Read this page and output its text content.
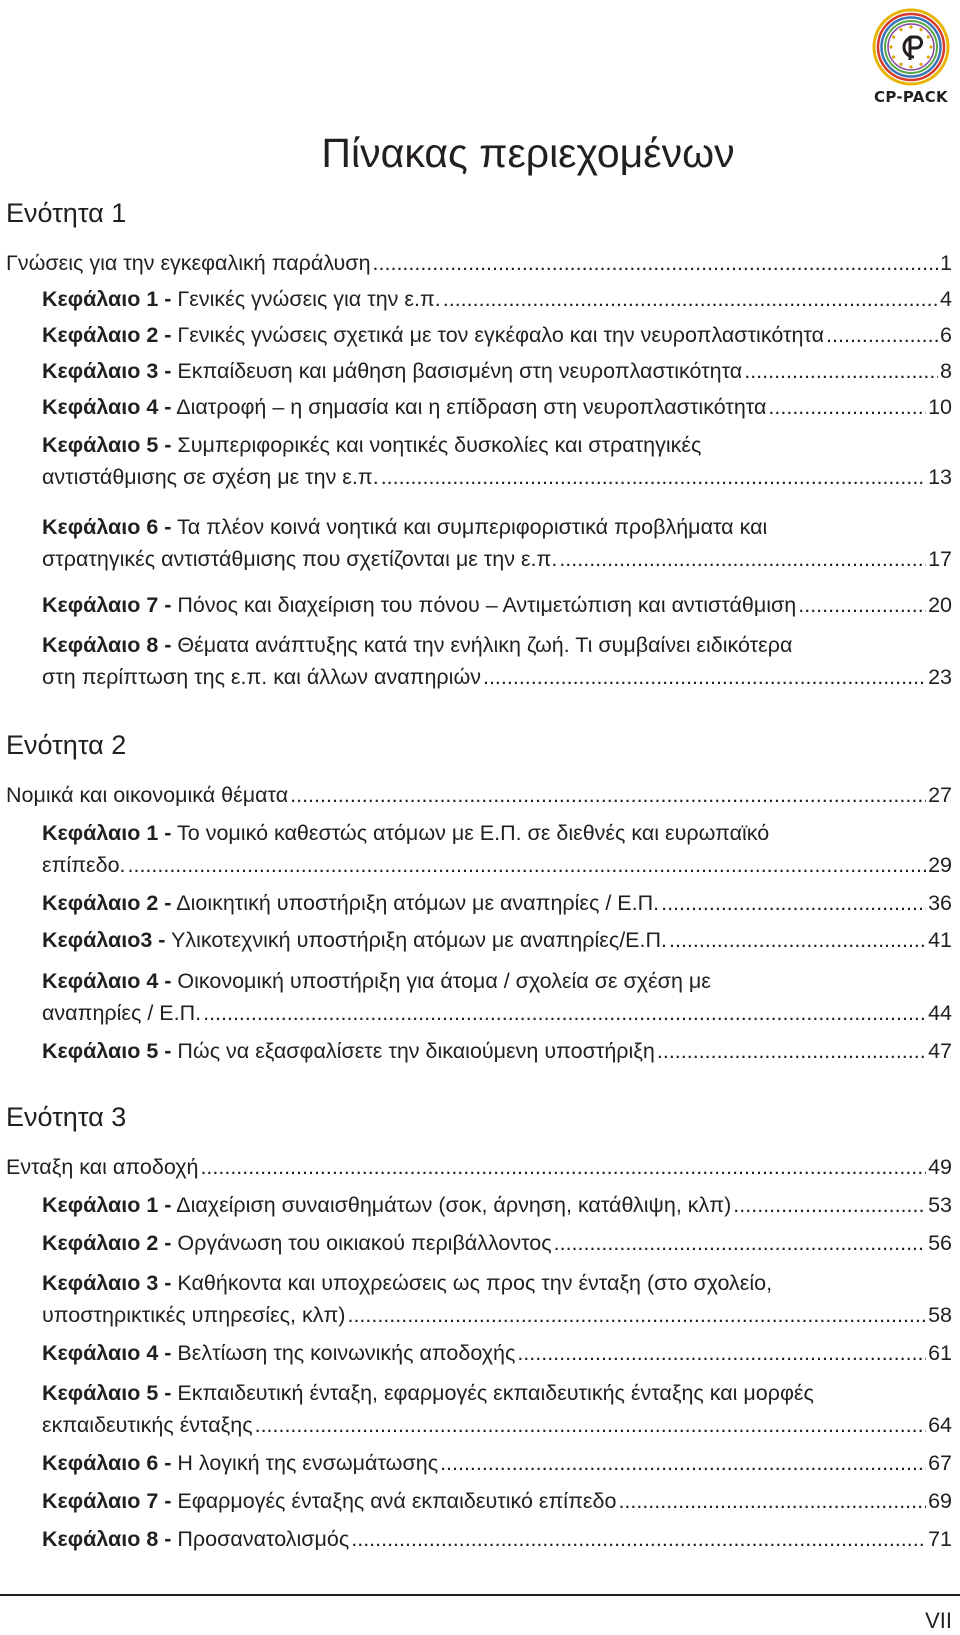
CP-PACK
Πίνακας περιεχομένων
Ενότητα 1
Γνώσεις για την εγκεφαλική παράλυση .....	1
Κεφάλαιο 1 - Γενικές γνώσεις για την ε.π. .....	4
Κεφάλαιο 2 - Γενικές γνώσεις σχετικά με τον εγκέφαλο και την νευροπλαστικότητα .....	6
Κεφάλαιο 3 - Εκπαίδευση και μάθηση βασισμένη στη νευροπλαστικότητα .....	8
Κεφάλαιο 4 - Διατροφή – η σημασία και η επίδραση στη νευροπλαστικότητα .....	10
Κεφάλαιο 5 - Συμπεριφορικές και νοητικές δυσκολίες και στρατηγικές
αντιστάθμισης σε σχέση με την ε.π. .....	13
Κεφάλαιο 6 - Τα πλέον κοινά νοητικά και συμπεριφοριστικά προβλήματα και
στρατηγικές αντιστάθμισης που σχετίζονται με την ε.π. .....	17
Κεφάλαιο 7 - Πόνος και διαχείριση του πόνου – Αντιμετώπιση και αντιστάθμιση .....	20
Κεφάλαιο 8 - Θέματα ανάπτυξης κατά την ενήλικη ζωή. Τι συμβαίνει ειδικότερα
στη περίπτωση της ε.π. και άλλων αναπηριών .....	23
Ενότητα 2
Νομικά και οικονομικά θέματα .....	27
Κεφάλαιο 1 - Το νομικό καθεστώς ατόμων με Ε.Π. σε διεθνές και ευρωπαϊκό
επίπεδο. .....	29
Κεφάλαιο 2 - Διοικητική υποστήριξη ατόμων με αναπηρίες / Ε.Π. .....	36
Κεφάλαιο3 - Υλικοτεχνική υποστήριξη ατόμων με αναπηρίες/Ε.Π. .....	41
Κεφάλαιο 4 - Οικονομική υποστήριξη για άτομα / σχολεία σε σχέση με
αναπηρίες / Ε.Π. .....	44
Κεφάλαιο 5 - Πώς να εξασφαλίσετε την δικαιούμενη υποστήριξη .....	47
Ενότητα 3
Ενταξη και αποδοχή .....	49
Κεφάλαιο 1 - Διαχείριση συναισθημάτων (σοκ, άρνηση, κατάθλιψη, κλπ) .....	53
Κεφάλαιο 2 - Οργάνωση του οικιακού περιβάλλοντος .....	56
Κεφάλαιο 3 - Καθήκοντα και υποχρεώσεις ως προς την ένταξη (στο σχολείο,
υποστηρικτικές υπηρεσίες, κλπ) .....	58
Κεφάλαιο 4 - Βελτίωση της κοινωνικής αποδοχής .....	61
Κεφάλαιο 5 - Εκπαιδευτική ένταξη, εφαρμογές εκπαιδευτικής ένταξης και μορφές
εκπαιδευτικής ένταξης .....	64
Κεφάλαιο 6 - Η λογική της ενσωμάτωσης .....	67
Κεφάλαιο 7 - Εφαρμογές ένταξης ανά εκπαιδευτικό επίπεδο .....	69
Κεφάλαιο 8 - Προσανατολισμός .....	71
VII
